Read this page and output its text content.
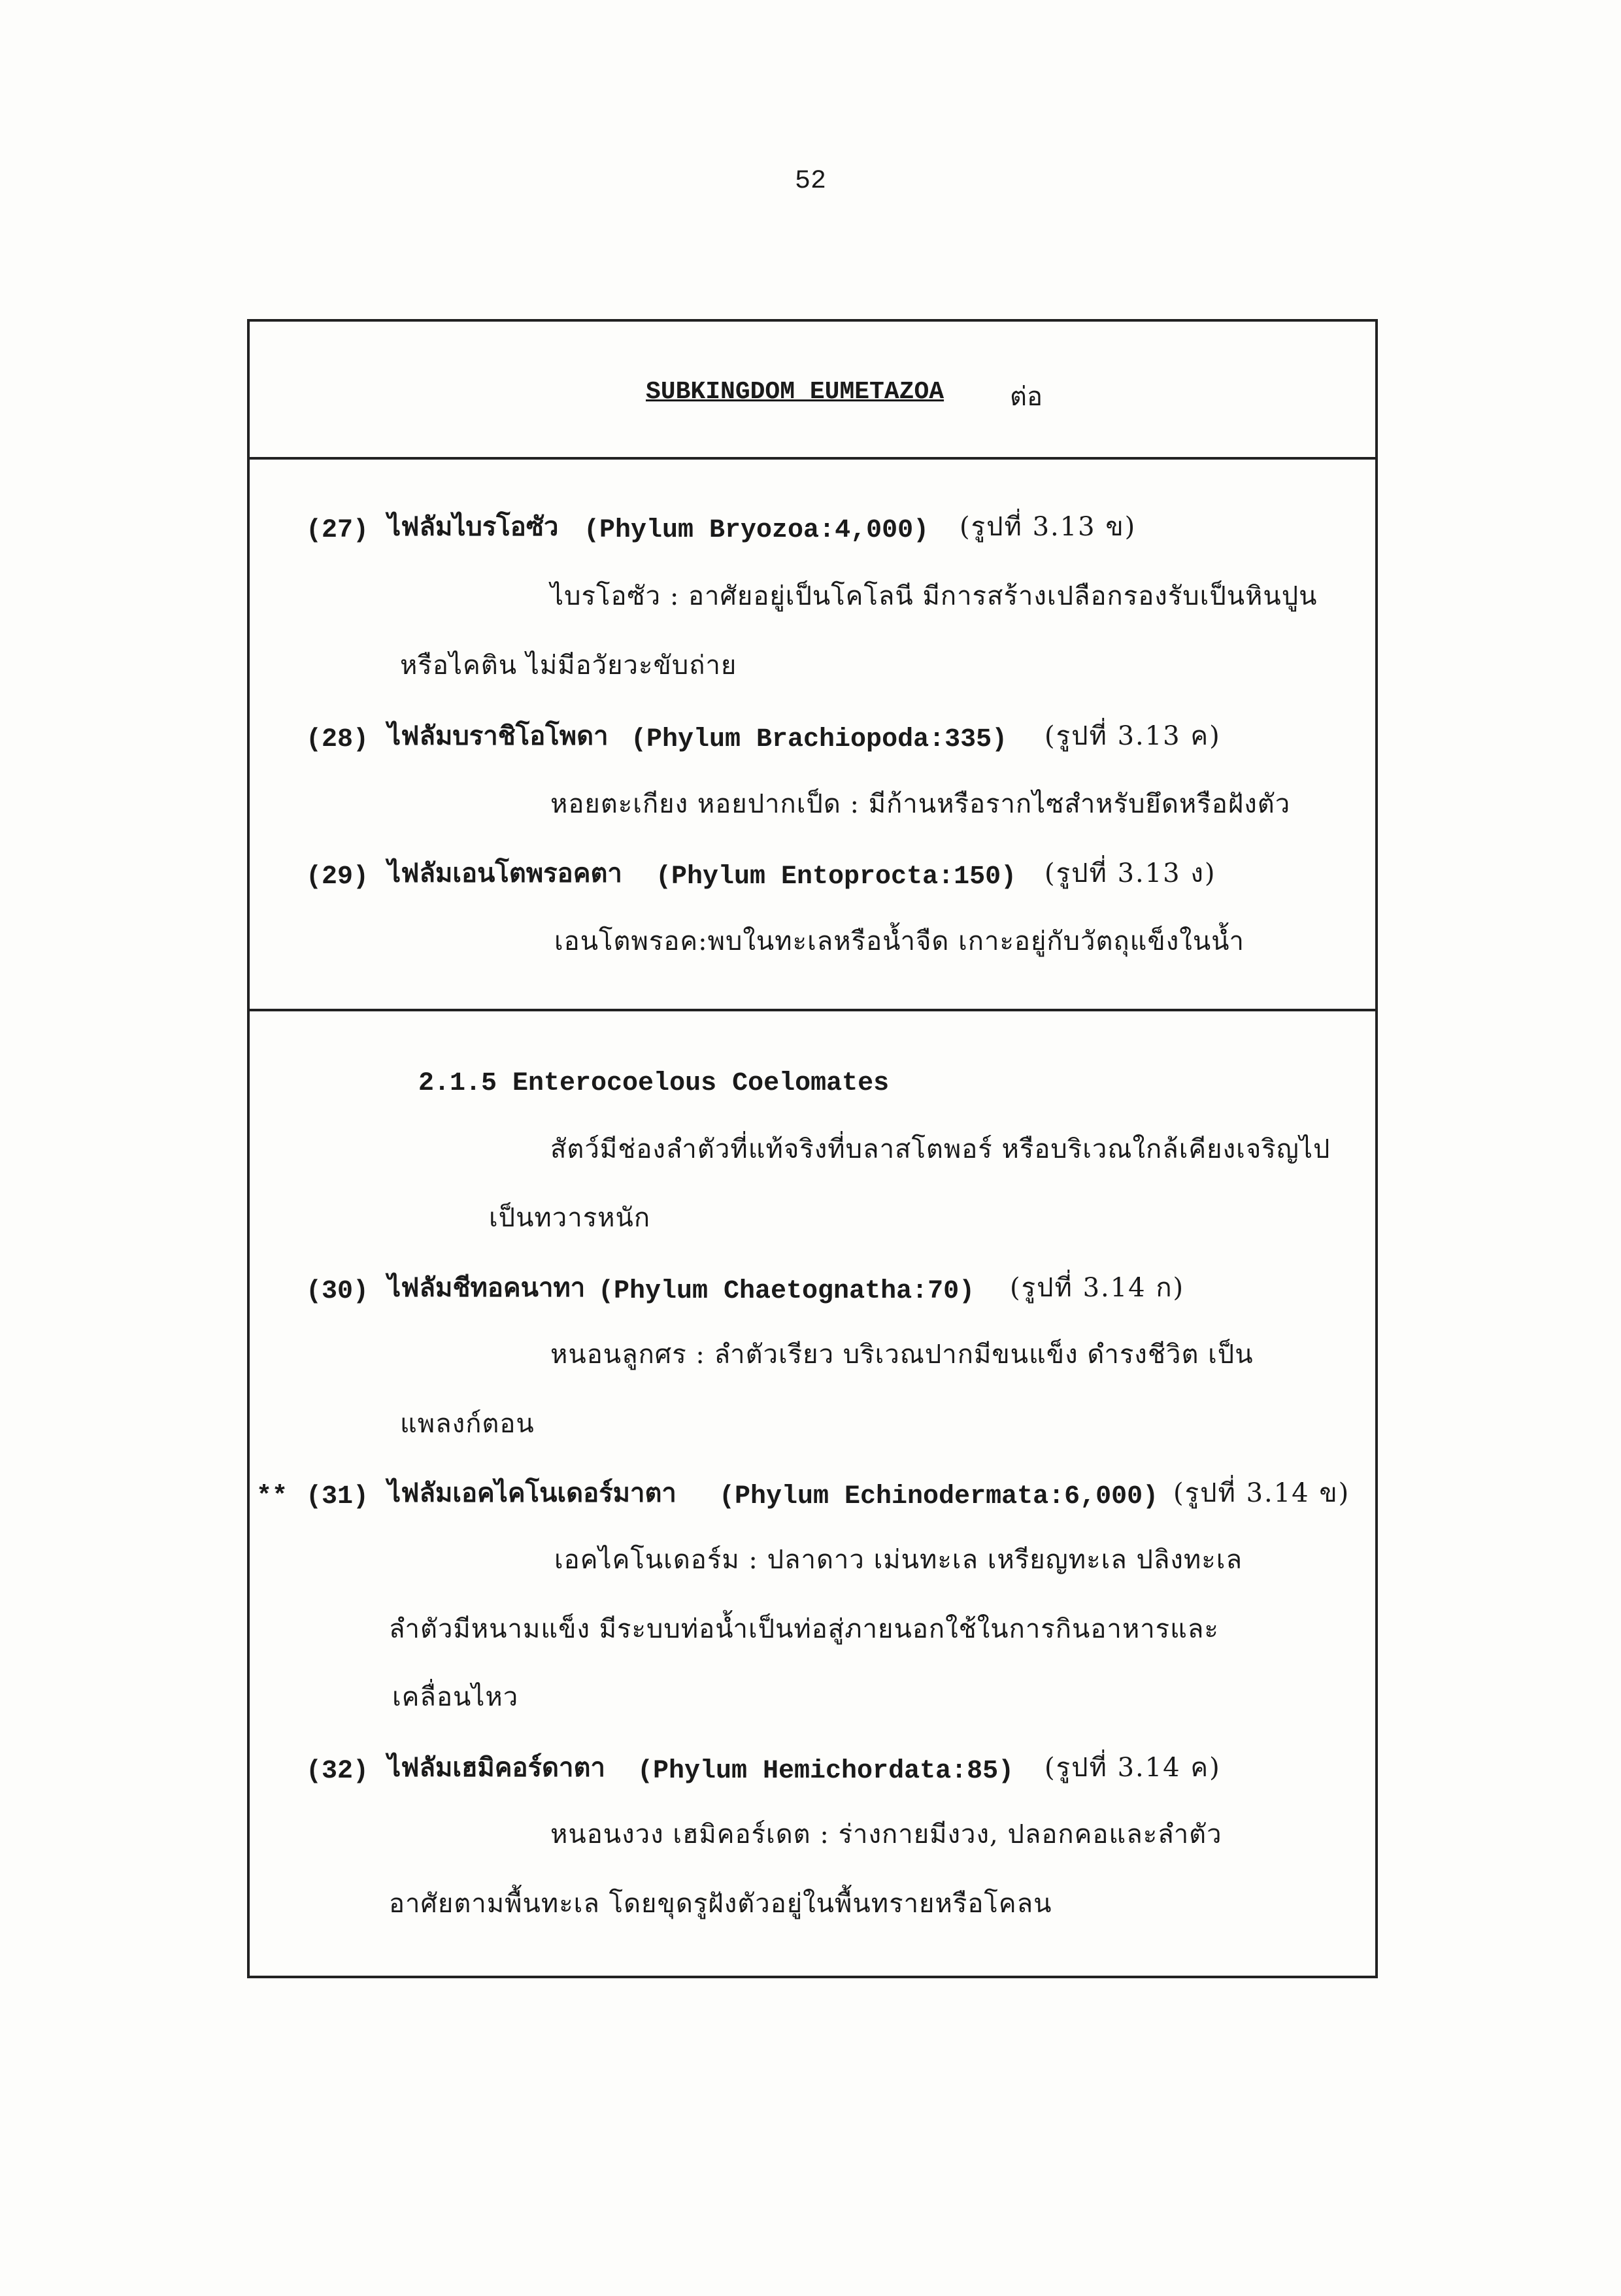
52
SUBKINGDOM EUMETAZOA	ต่อ
(27) ไฟลัมไบรโอซัว (Phylum Bryozoa:4,000) (รูปที่ 3.13 ข)
ไบรโอซัว : อาศัยอยู่เป็นโคโลนี มีการสร้างเปลือกรองรับเป็นหินปูน
หรือไคติน ไม่มีอวัยวะขับถ่าย
(28) ไฟลัมบราชิโอโพดา (Phylum Brachiopoda:335) (รูปที่ 3.13 ค)
หอยตะเกียง หอยปากเป็ด : มีก้านหรือรากไซสำหรับยึดหรือฝังตัว
(29) ไฟลัมเอนโตพรอคตา (Phylum Entoprocta:150) (รูปที่ 3.13 ง)
เอนโตพรอค:พบในทะเลหรือน้ำจืด เกาะอยู่กับวัตถุแข็งในน้ำ
2.1.5 Enterocoelous Coelomates
สัตว์มีช่องลำตัวที่แท้จริงที่บลาสโตพอร์ หรือบริเวณใกล้เคียงเจริญไป
เป็นทวารหนัก
(30) ไฟลัมชีทอคนาทา (Phylum Chaetognatha:70) (รูปที่ 3.14 ก)
หนอนลูกศร : ลำตัวเรียว บริเวณปากมีขนแข็ง ดำรงชีวิต เป็น
แพลงก์ตอน
** (31) ไฟลัมเอคไคโนเดอร์มาตา (Phylum Echinodermata:6,000) (รูปที่ 3.14 ข)
เอคไคโนเดอร์ม : ปลาดาว เม่นทะเล เหรียญทะเล ปลิงทะเล
ลำตัวมีหนามแข็ง มีระบบท่อน้ำเป็นท่อสู่ภายนอกใช้ในการกินอาหารและ
เคลื่อนไหว
(32) ไฟลัมเฮมิคอร์ดาตา (Phylum Hemichordata:85) (รูปที่ 3.14 ค)
หนอนงวง เฮมิคอร์เดต : ร่างกายมีงวง, ปลอกคอและลำตัว
อาศัยตามพื้นทะเล โดยขุดรูฝังตัวอยู่ในพื้นทรายหรือโคลน
